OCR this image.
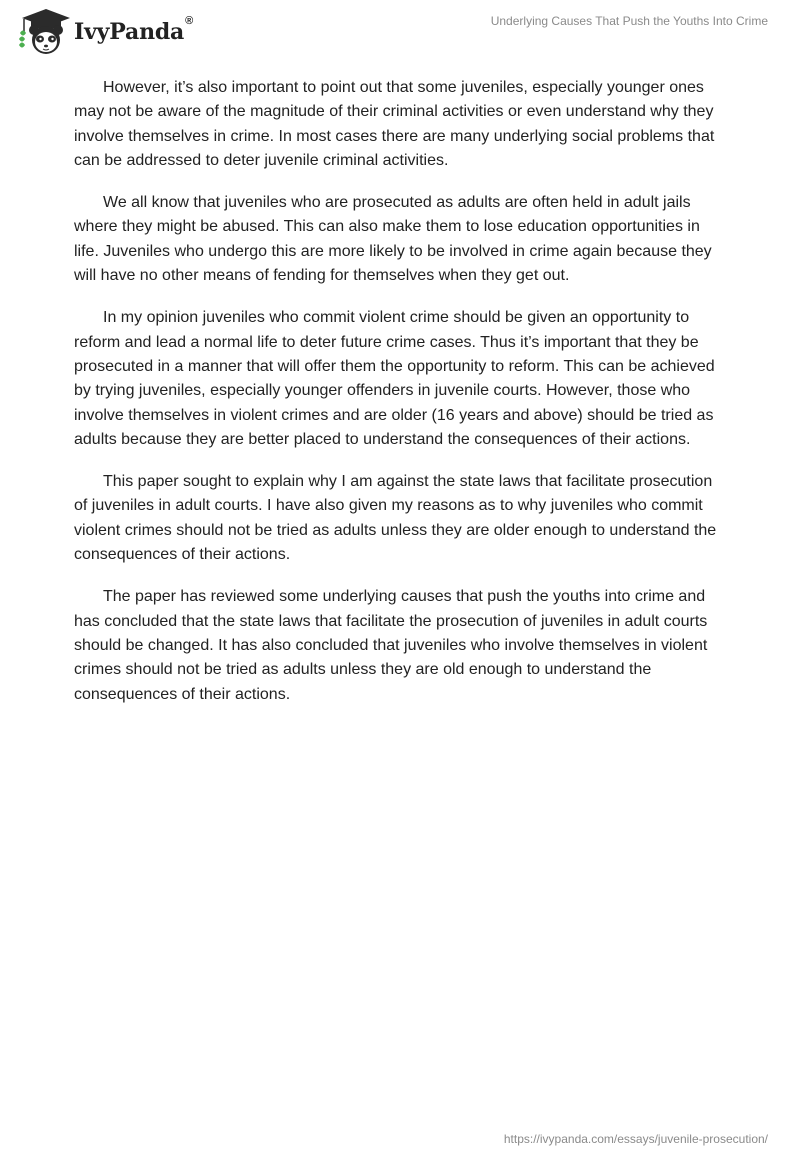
IvyPanda®	Underlying Causes That Push the Youths Into Crime

However, it’s also important to point out that some juveniles, especially younger ones may not be aware of the magnitude of their criminal activities or even understand why they involve themselves in crime. In most cases there are many underlying social problems that can be addressed to deter juvenile criminal activities.

We all know that juveniles who are prosecuted as adults are often held in adult jails where they might be abused. This can also make them to lose education opportunities in life. Juveniles who undergo this are more likely to be involved in crime again because they will have no other means of fending for themselves when they get out.

In my opinion juveniles who commit violent crime should be given an opportunity to reform and lead a normal life to deter future crime cases. Thus it’s important that they be prosecuted in a manner that will offer them the opportunity to reform. This can be achieved by trying juveniles, especially younger offenders in juvenile courts. However, those who involve themselves in violent crimes and are older (16 years and above) should be tried as adults because they are better placed to understand the consequences of their actions.

This paper sought to explain why I am against the state laws that facilitate prosecution of juveniles in adult courts. I have also given my reasons as to why juveniles who commit violent crimes should not be tried as adults unless they are older enough to understand the consequences of their actions.

The paper has reviewed some underlying causes that push the youths into crime and has concluded that the state laws that facilitate the prosecution of juveniles in adult courts should be changed. It has also concluded that juveniles who involve themselves in violent crimes should not be tried as adults unless they are old enough to understand the consequences of their actions.

https://ivypanda.com/essays/juvenile-prosecution/
